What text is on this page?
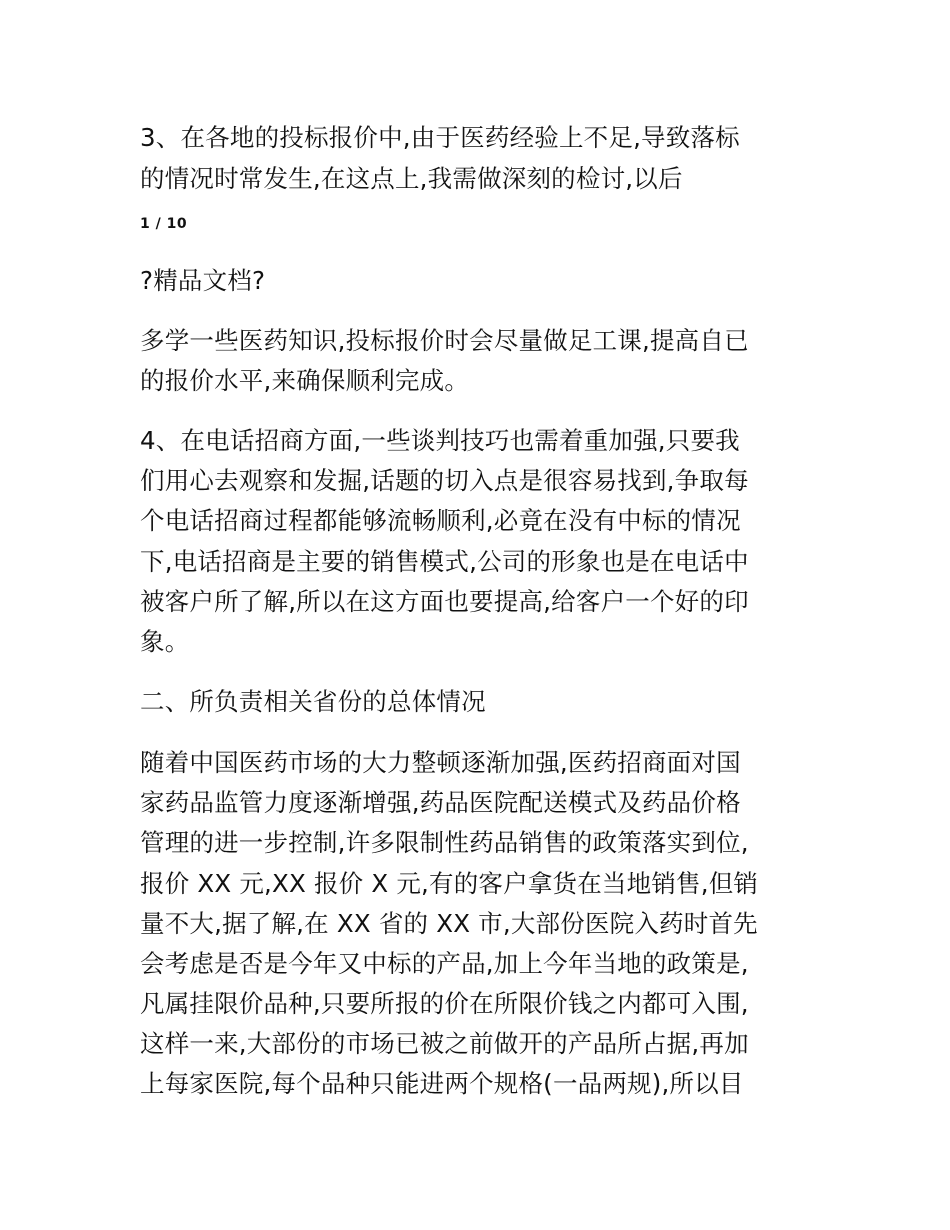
3、在各地的投标报价中,由于医药经验上不足,导致落标

的情况时常发生,在这点上,我需做深刻的检讨,以后

1 / 10

?精品文档?

多学一些医药知识,投标报价时会尽量做足工课,提高自已

的报价水平,来确保顺利完成。

4、在电话招商方面,一些谈判技巧也需着重加强,只要我

们用心去观察和发掘,话题的切入点是很容易找到,争取每

个电话招商过程都能够流畅顺利,必竟在没有中标的情况

下,电话招商是主要的销售模式,公司的形象也是在电话中

被客户所了解,所以在这方面也要提高,给客户一个好的印

象。

二、所负责相关省份的总体情况

随着中国医药市场的大力整顿逐渐加强,医药招商面对国

家药品监管力度逐渐增强,药品医院配送模式及药品价格

管理的进一步控制,许多限制性药品销售的政策落实到位,

报价 XX 元,XX 报价 X 元,有的客户拿货在当地销售,但销

量不大,据了解,在 XX 省的 XX 市,大部份医院入药时首先

会考虑是否是今年又中标的产品,加上今年当地的政策是,

凡属挂限价品种,只要所报的价在所限价钱之内都可入围,

这样一来,大部份的市场已被之前做开的产品所占据,再加

上每家医院,每个品种只能进两个规格(一品两规),所以目
